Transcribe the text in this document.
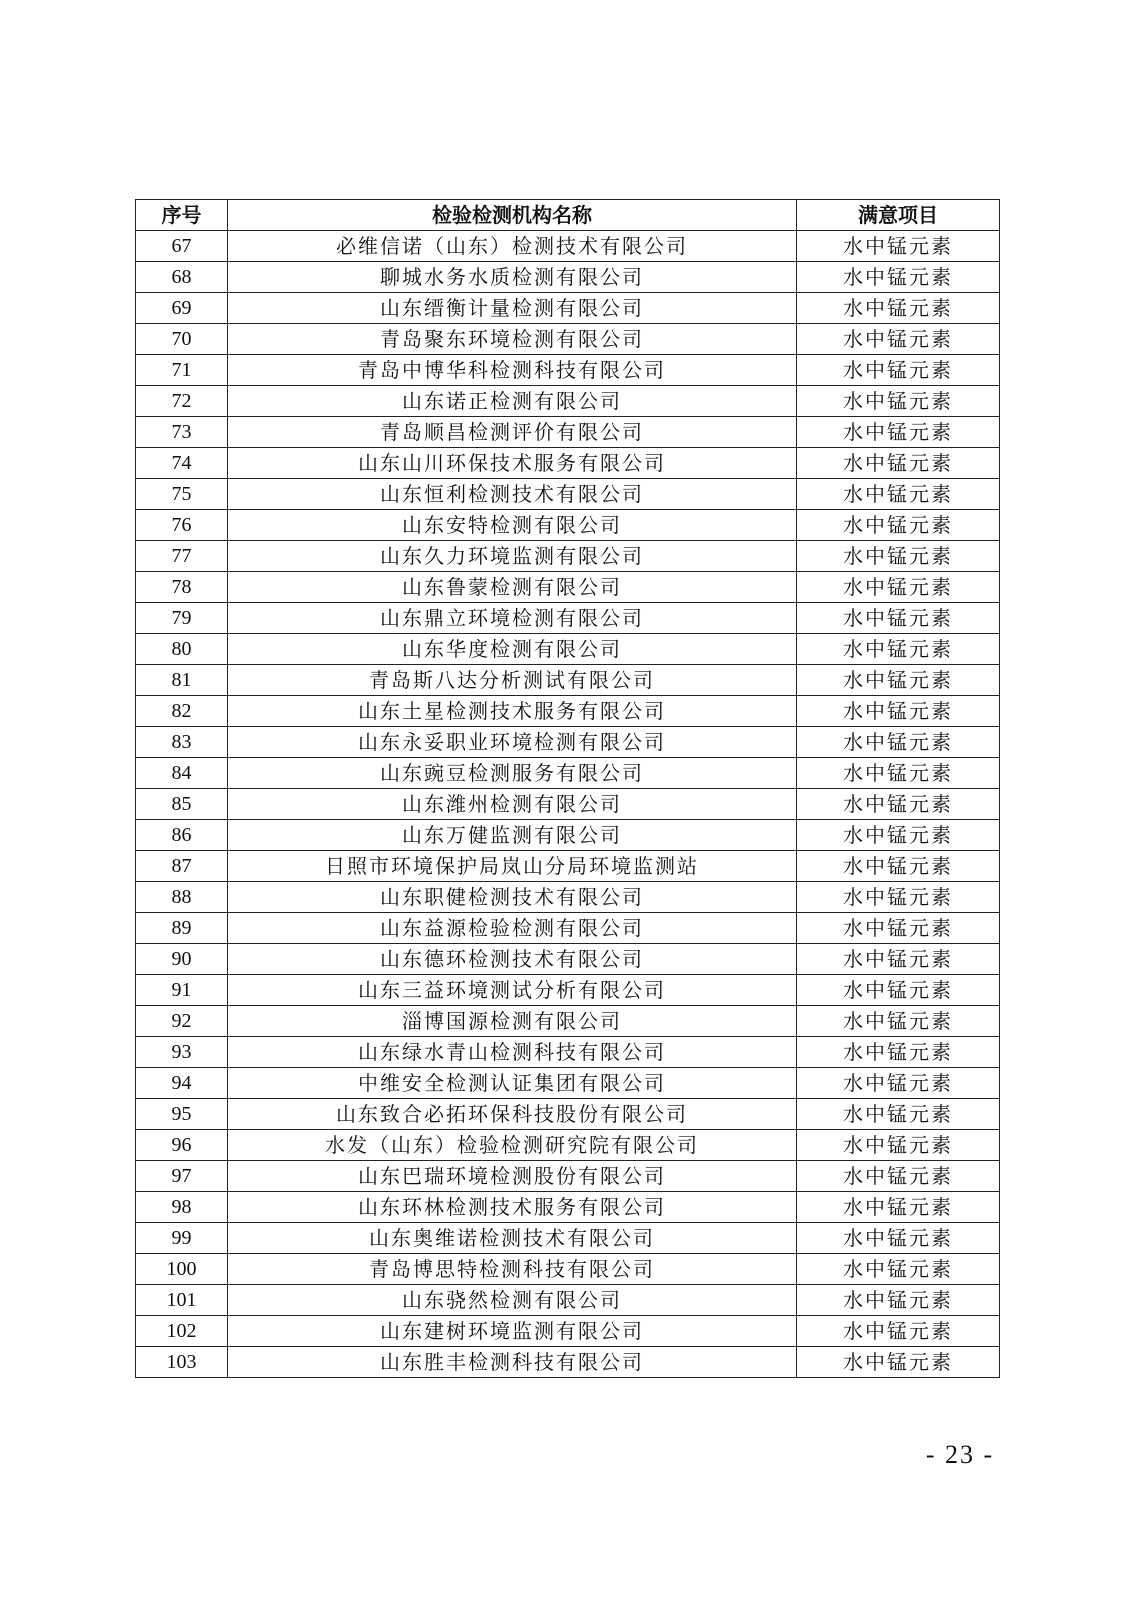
序号	检验检测机构名称	满意项目
67	必维信诺（山东）检测技术有限公司	水中锰元素
68	聊城水务水质检测有限公司	水中锰元素
69	山东缙衡计量检测有限公司	水中锰元素
70	青岛聚东环境检测有限公司	水中锰元素
71	青岛中博华科检测科技有限公司	水中锰元素
72	山东诺正检测有限公司	水中锰元素
73	青岛顺昌检测评价有限公司	水中锰元素
74	山东山川环保技术服务有限公司	水中锰元素
75	山东恒利检测技术有限公司	水中锰元素
76	山东安特检测有限公司	水中锰元素
77	山东久力环境监测有限公司	水中锰元素
78	山东鲁蒙检测有限公司	水中锰元素
79	山东鼎立环境检测有限公司	水中锰元素
80	山东华度检测有限公司	水中锰元素
81	青岛斯八达分析测试有限公司	水中锰元素
82	山东土星检测技术服务有限公司	水中锰元素
83	山东永妥职业环境检测有限公司	水中锰元素
84	山东豌豆检测服务有限公司	水中锰元素
85	山东潍州检测有限公司	水中锰元素
86	山东万健监测有限公司	水中锰元素
87	日照市环境保护局岚山分局环境监测站	水中锰元素
88	山东职健检测技术有限公司	水中锰元素
89	山东益源检验检测有限公司	水中锰元素
90	山东德环检测技术有限公司	水中锰元素
91	山东三益环境测试分析有限公司	水中锰元素
92	淄博国源检测有限公司	水中锰元素
93	山东绿水青山检测科技有限公司	水中锰元素
94	中维安全检测认证集团有限公司	水中锰元素
95	山东致合必拓环保科技股份有限公司	水中锰元素
96	水发（山东）检验检测研究院有限公司	水中锰元素
97	山东巴瑞环境检测股份有限公司	水中锰元素
98	山东环林检测技术服务有限公司	水中锰元素
99	山东奥维诺检测技术有限公司	水中锰元素
100	青岛博思特检测科技有限公司	水中锰元素
101	山东骁然检测有限公司	水中锰元素
102	山东建树环境监测有限公司	水中锰元素
103	山东胜丰检测科技有限公司	水中锰元素
- 23 -
